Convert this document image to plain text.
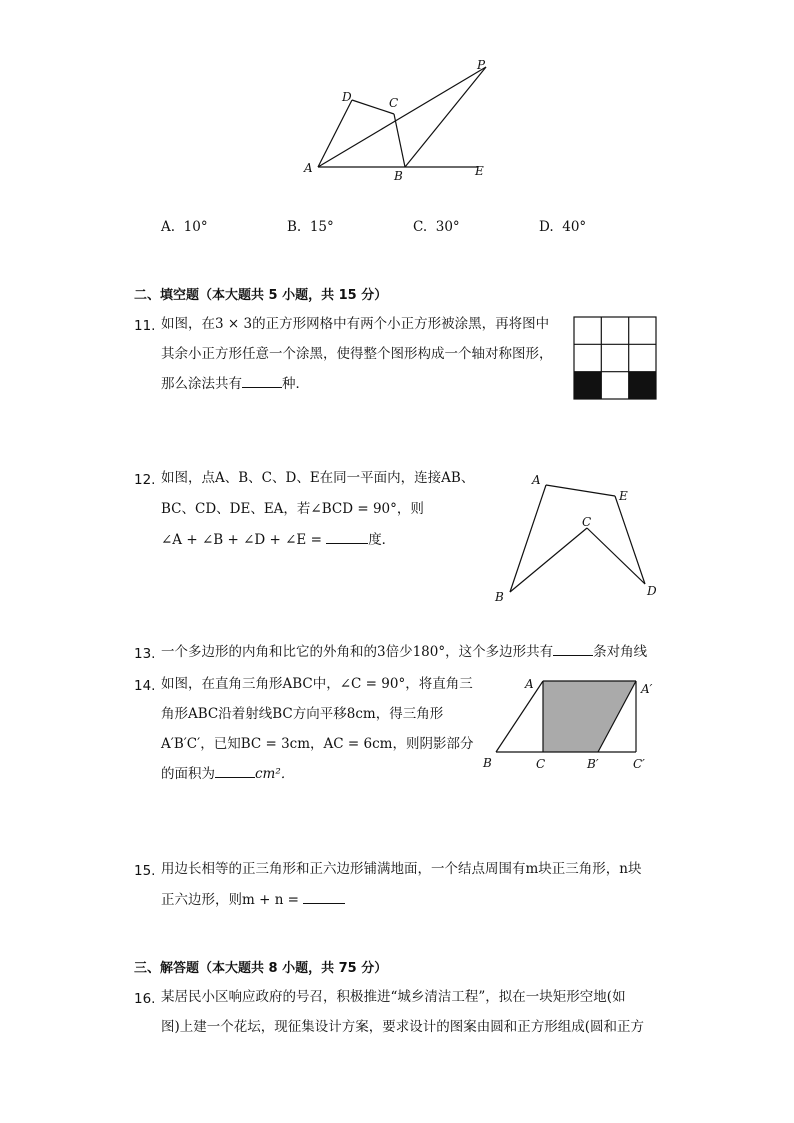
A
B
C
D
E
P
A. 10°	B. 15°	C. 30°	D. 40°
二、填空题（本大题共 5 小题，共 15 分）
11. 如图，在3 × 3的正方形网格中有两个小正方形被涂黑，再将图中
其余小正方形任意一个涂黑，使得整个图形构成一个轴对称图形，
那么涂法共有	种．
12. 如图，点A、B、C、D、E在同一平面内，连接AB、
BC、CD、DE、EA，若∠BCD = 90°，则
∠A + ∠B + ∠D + ∠E =	度．
A
B
C
D
E
13. 一个多边形的内角和比它的外角和的3倍少180°，这个多边形共有	条对角线
14. 如图，在直角三角形ABC中，∠C = 90°，将直角三
角形ABC沿着射线BC方向平移8cm，得三角形
A′B′C′，已知BC = 3cm，AC = 6cm，则阴影部分
的面积为	cm²．
A	A′
B	C	B′	C′
15. 用边长相等的正三角形和正六边形铺满地面，一个结点周围有m块正三角形，n块
正六边形，则m + n =
三、解答题（本大题共 8 小题，共 75 分）
16. 某居民小区响应政府的号召，积极推进“城乡清洁工程”，拟在一块矩形空地(如
图)上建一个花坛，现征集设计方案，要求设计的图案由圆和正方形组成(圆和正方
